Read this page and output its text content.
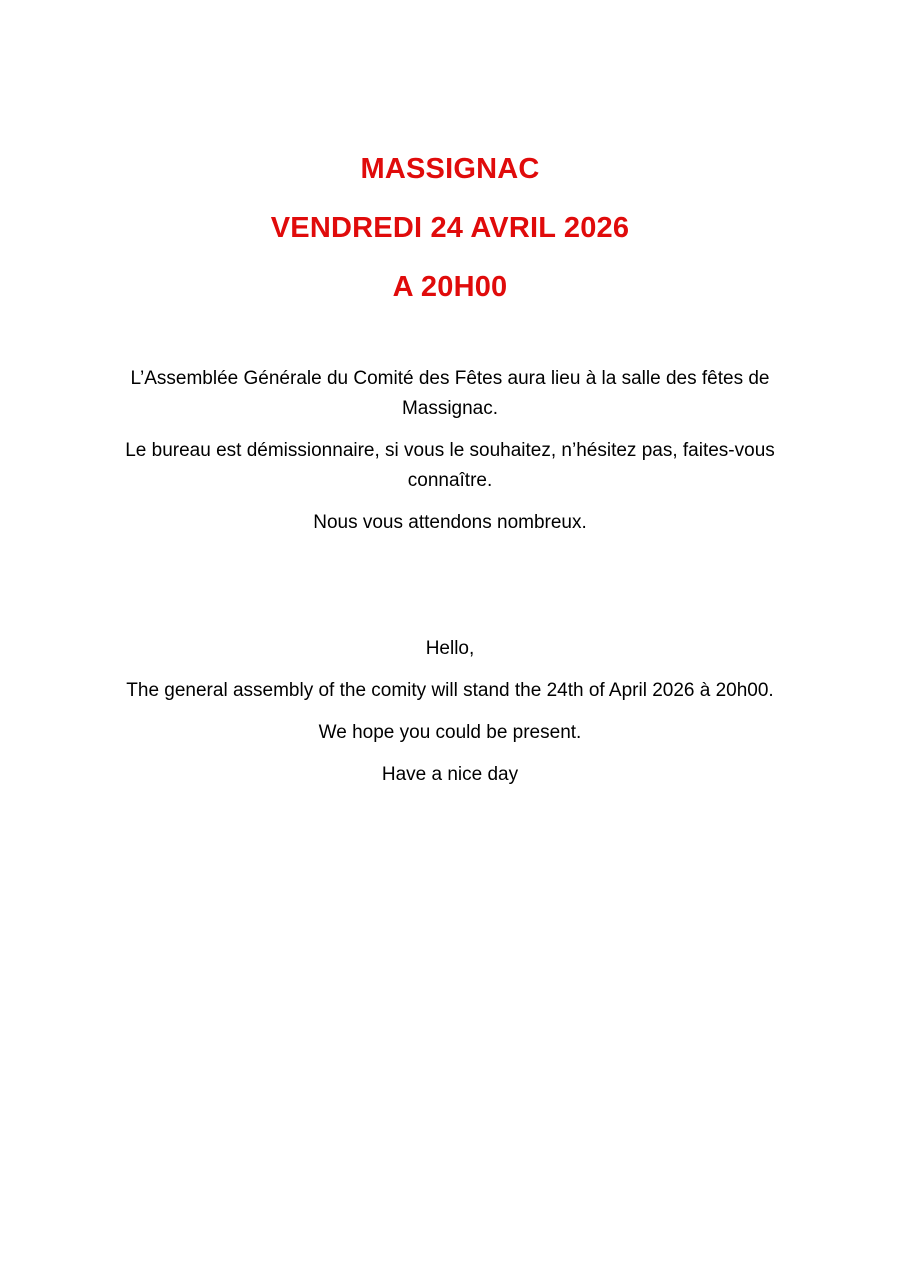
MASSIGNAC

VENDREDI 24 AVRIL 2026

A 20H00

L’Assemblée Générale du Comité des Fêtes aura lieu à la salle des fêtes de Massignac.

Le bureau est démissionnaire, si vous le souhaitez, n’hésitez pas, faites-vous connaître.

Nous vous attendons nombreux.

Hello,

The general assembly of the comity will stand the 24th of April 2026 à 20h00.

We hope you could be present.

Have a nice day
